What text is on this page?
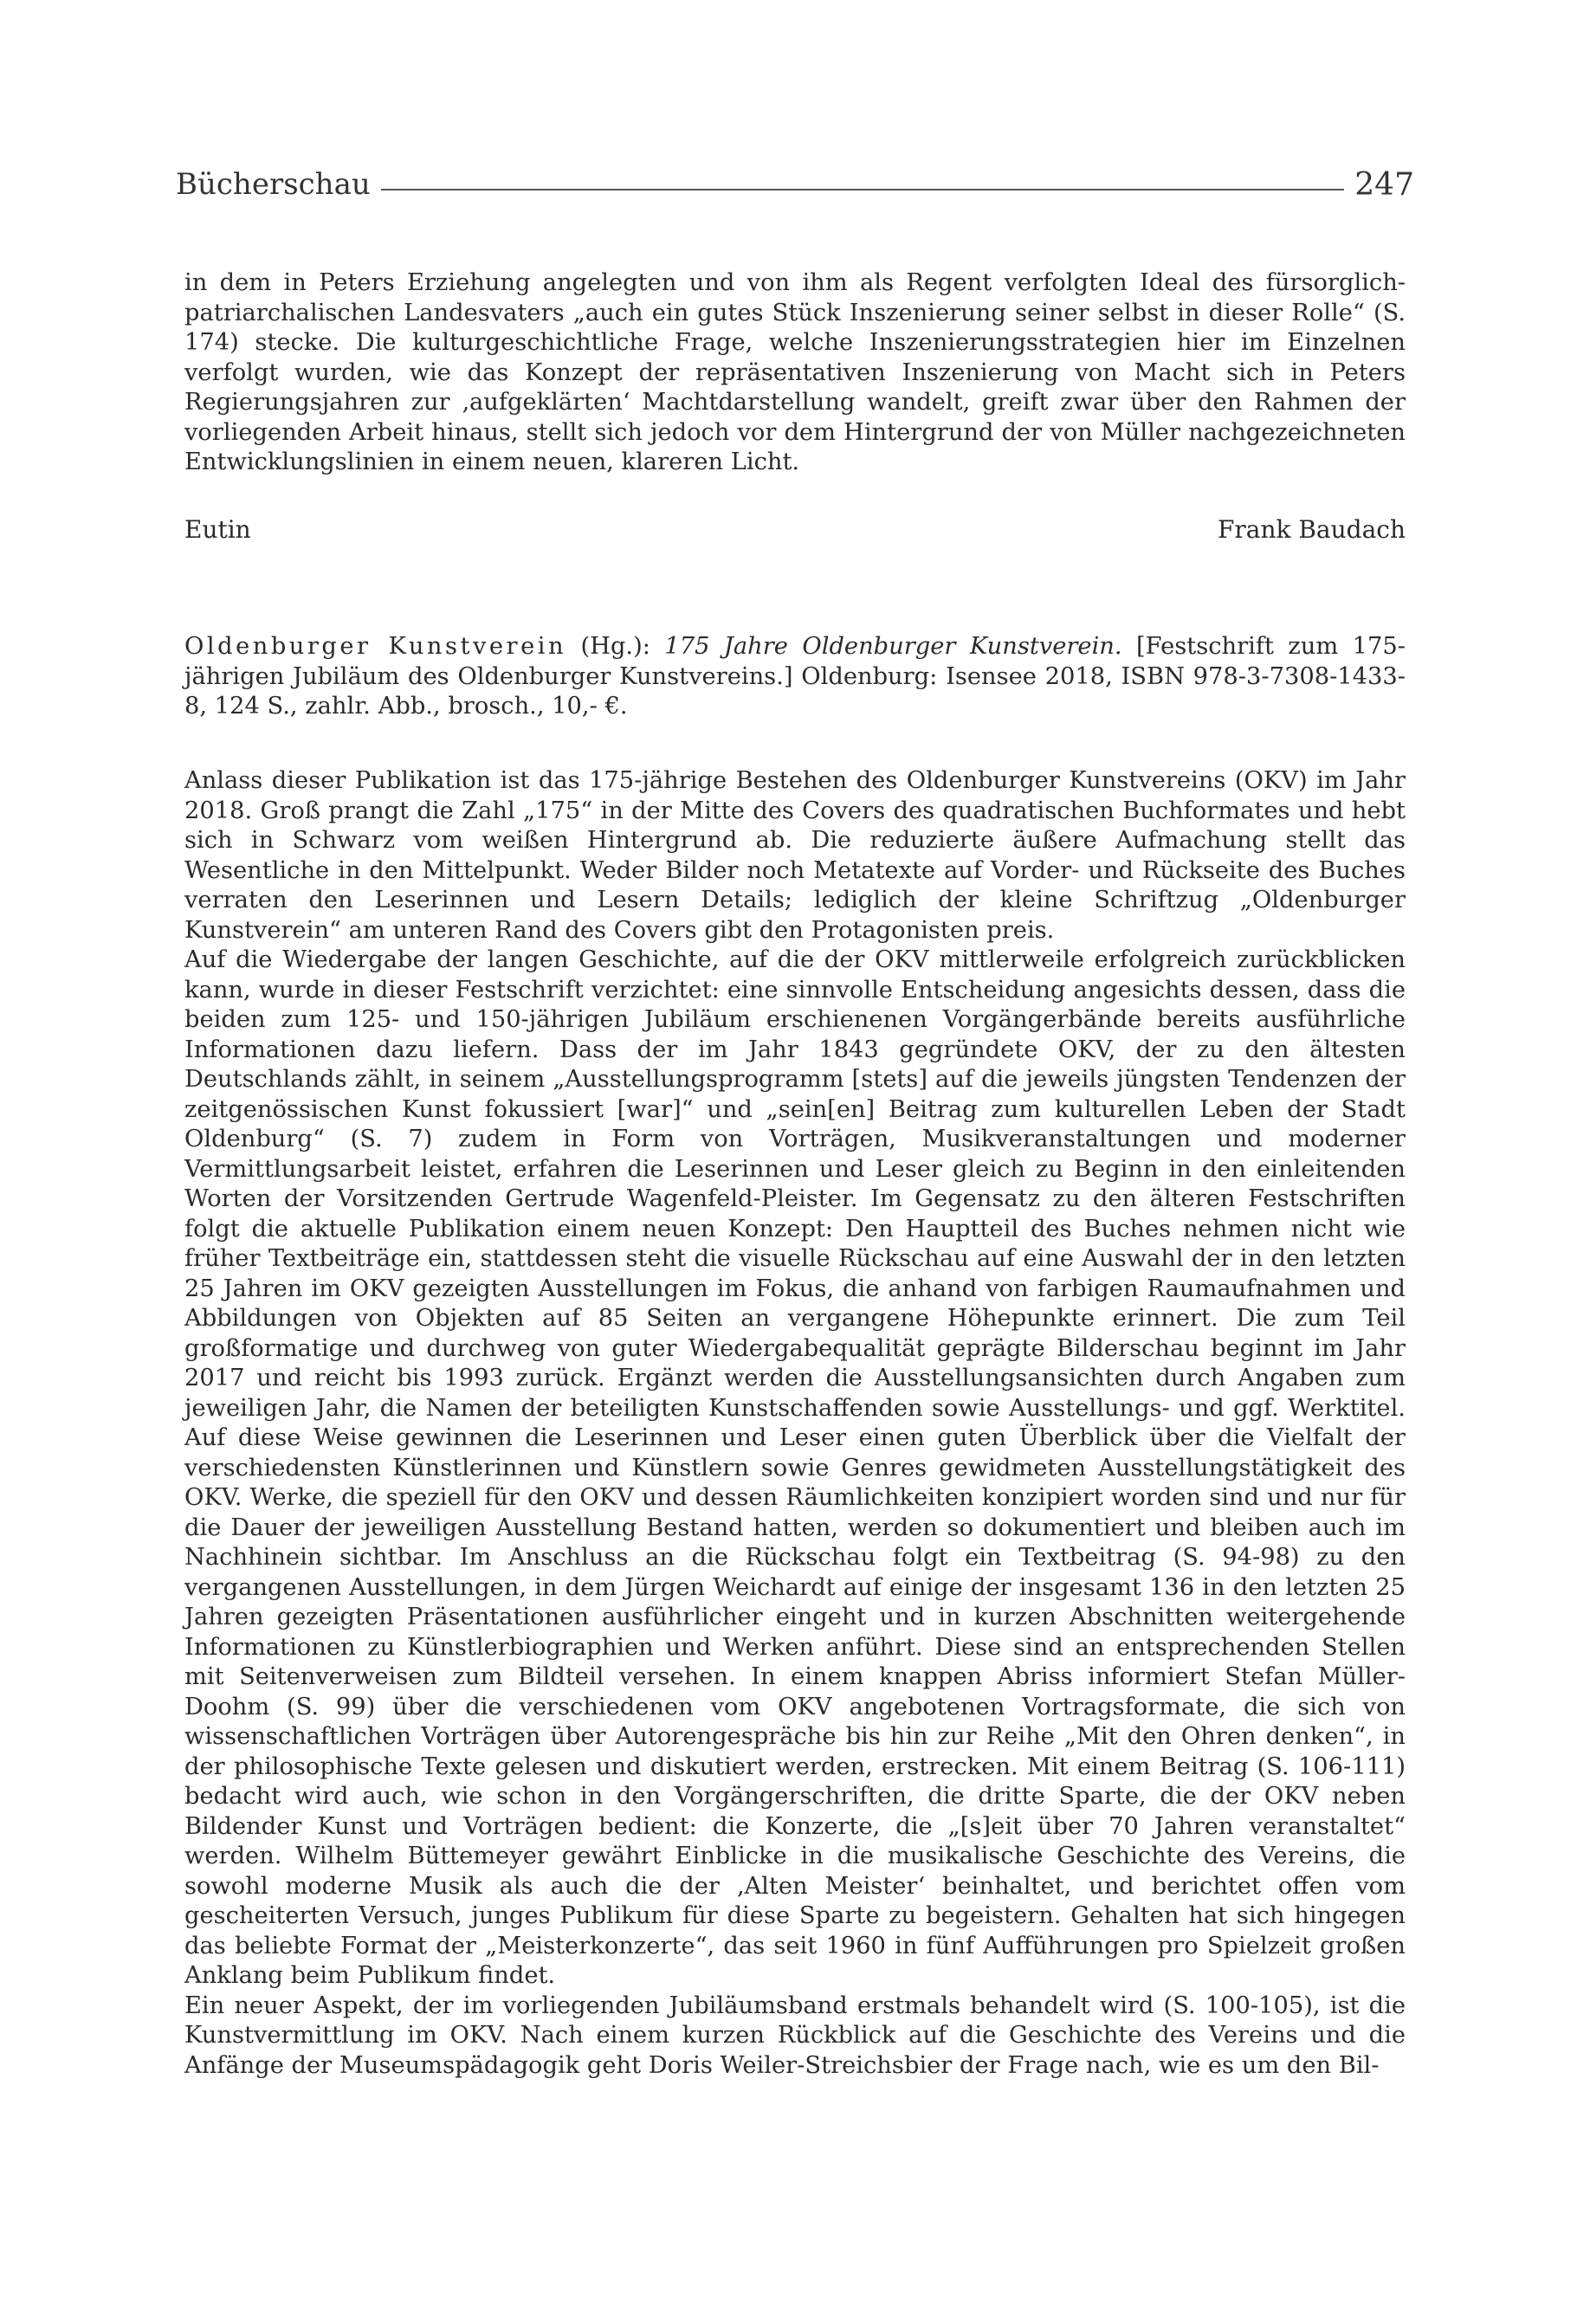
Bücherschau	247

in dem in Peters Erziehung angelegten und von ihm als Regent verfolgten Ideal des fürsorglich-patriarchalischen Landesvaters „auch ein gutes Stück Inszenierung seiner selbst in dieser Rolle“ (S. 174) stecke. Die kulturgeschichtliche Frage, welche Inszenierungsstrategien hier im Einzelnen verfolgt wurden, wie das Konzept der repräsentativen Inszenierung von Macht sich in Peters Regierungsjahren zur ‚aufgeklärten‘ Machtdarstellung wandelt, greift zwar über den Rahmen der vorliegenden Arbeit hinaus, stellt sich jedoch vor dem Hintergrund der von Müller nachgezeichneten Entwicklungslinien in einem neuen, klareren Licht.

Eutin	Frank Baudach
Oldenburger Kunstverein (Hg.): 175 Jahre Oldenburger Kunstverein. [Festschrift zum 175-jährigen Jubiläum des Oldenburger Kunstvereins.] Oldenburg: Isensee 2018, ISBN 978-3-7308-1433-8, 124 S., zahlr. Abb., brosch., 10,- €.

Anlass dieser Publikation ist das 175-jährige Bestehen des Oldenburger Kunstvereins (OKV) im Jahr 2018. Groß prangt die Zahl „175“ in der Mitte des Covers des quadratischen Buchformates und hebt sich in Schwarz vom weißen Hintergrund ab. Die reduzierte äußere Aufmachung stellt das Wesentliche in den Mittelpunkt. Weder Bilder noch Metatexte auf Vorder- und Rückseite des Buches verraten den Leserinnen und Lesern Details; lediglich der kleine Schriftzug „Oldenburger Kunstverein“ am unteren Rand des Covers gibt den Protagonisten preis.

Auf die Wiedergabe der langen Geschichte, auf die der OKV mittlerweile erfolgreich zurückblicken kann, wurde in dieser Festschrift verzichtet: eine sinnvolle Entscheidung angesichts dessen, dass die beiden zum 125- und 150-jährigen Jubiläum erschienenen Vorgängerbände bereits ausführliche Informationen dazu liefern. Dass der im Jahr 1843 gegründete OKV, der zu den ältesten Deutschlands zählt, in seinem „Ausstellungsprogramm [stets] auf die jeweils jüngsten Tendenzen der zeitgenössischen Kunst fokussiert [war]“ und „sein[en] Beitrag zum kulturellen Leben der Stadt Oldenburg“ (S. 7) zudem in Form von Vorträgen, Musikveranstaltungen und moderner Vermittlungsarbeit leistet, erfahren die Leserinnen und Leser gleich zu Beginn in den einleitenden Worten der Vorsitzenden Gertrude Wagenfeld-Pleister. Im Gegensatz zu den älteren Festschriften folgt die aktuelle Publikation einem neuen Konzept: Den Hauptteil des Buches nehmen nicht wie früher Textbeiträge ein, stattdessen steht die visuelle Rückschau auf eine Auswahl der in den letzten 25 Jahren im OKV gezeigten Ausstellungen im Fokus, die anhand von farbigen Raumaufnahmen und Abbildungen von Objekten auf 85 Seiten an vergangene Höhepunkte erinnert. Die zum Teil großformatige und durchweg von guter Wiedergabequalität geprägte Bilderschau beginnt im Jahr 2017 und reicht bis 1993 zurück. Ergänzt werden die Ausstellungsansichten durch Angaben zum jeweiligen Jahr, die Namen der beteiligten Kunstschaffenden sowie Ausstellungs- und ggf. Werktitel. Auf diese Weise gewinnen die Leserinnen und Leser einen guten Überblick über die Vielfalt der verschiedensten Künstlerinnen und Künstlern sowie Genres gewidmeten Ausstellungstätigkeit des OKV. Werke, die speziell für den OKV und dessen Räumlichkeiten konzipiert worden sind und nur für die Dauer der jeweiligen Ausstellung Bestand hatten, werden so dokumentiert und bleiben auch im Nachhinein sichtbar. Im Anschluss an die Rückschau folgt ein Textbeitrag (S. 94-98) zu den vergangenen Ausstellungen, in dem Jürgen Weichardt auf einige der insgesamt 136 in den letzten 25 Jahren gezeigten Präsentationen ausführlicher eingeht und in kurzen Abschnitten weitergehende Informationen zu Künstlerbiographien und Werken anführt. Diese sind an entsprechenden Stellen mit Seitenverweisen zum Bildteil versehen. In einem knappen Abriss informiert Stefan Müller-Doohm (S. 99) über die verschiedenen vom OKV angebotenen Vortragsformate, die sich von wissenschaftlichen Vorträgen über Autorengespräche bis hin zur Reihe „Mit den Ohren denken“, in der philosophische Texte gelesen und diskutiert werden, erstrecken. Mit einem Beitrag (S. 106-111) bedacht wird auch, wie schon in den Vorgängerschriften, die dritte Sparte, die der OKV neben Bildender Kunst und Vorträgen bedient: die Konzerte, die „[s]eit über 70 Jahren veranstaltet“ werden. Wilhelm Büttemeyer gewährt Einblicke in die musikalische Geschichte des Vereins, die sowohl moderne Musik als auch die der ‚Alten Meister‘ beinhaltet, und berichtet offen vom gescheiterten Versuch, junges Publikum für diese Sparte zu begeistern. Gehalten hat sich hingegen das beliebte Format der „Meisterkonzerte“, das seit 1960 in fünf Aufführungen pro Spielzeit großen Anklang beim Publikum findet.

Ein neuer Aspekt, der im vorliegenden Jubiläumsband erstmals behandelt wird (S. 100-105), ist die Kunstvermittlung im OKV. Nach einem kurzen Rückblick auf die Geschichte des Vereins und die Anfänge der Museumspädagogik geht Doris Weiler-Streichsbier der Frage nach, wie es um den Bil-
